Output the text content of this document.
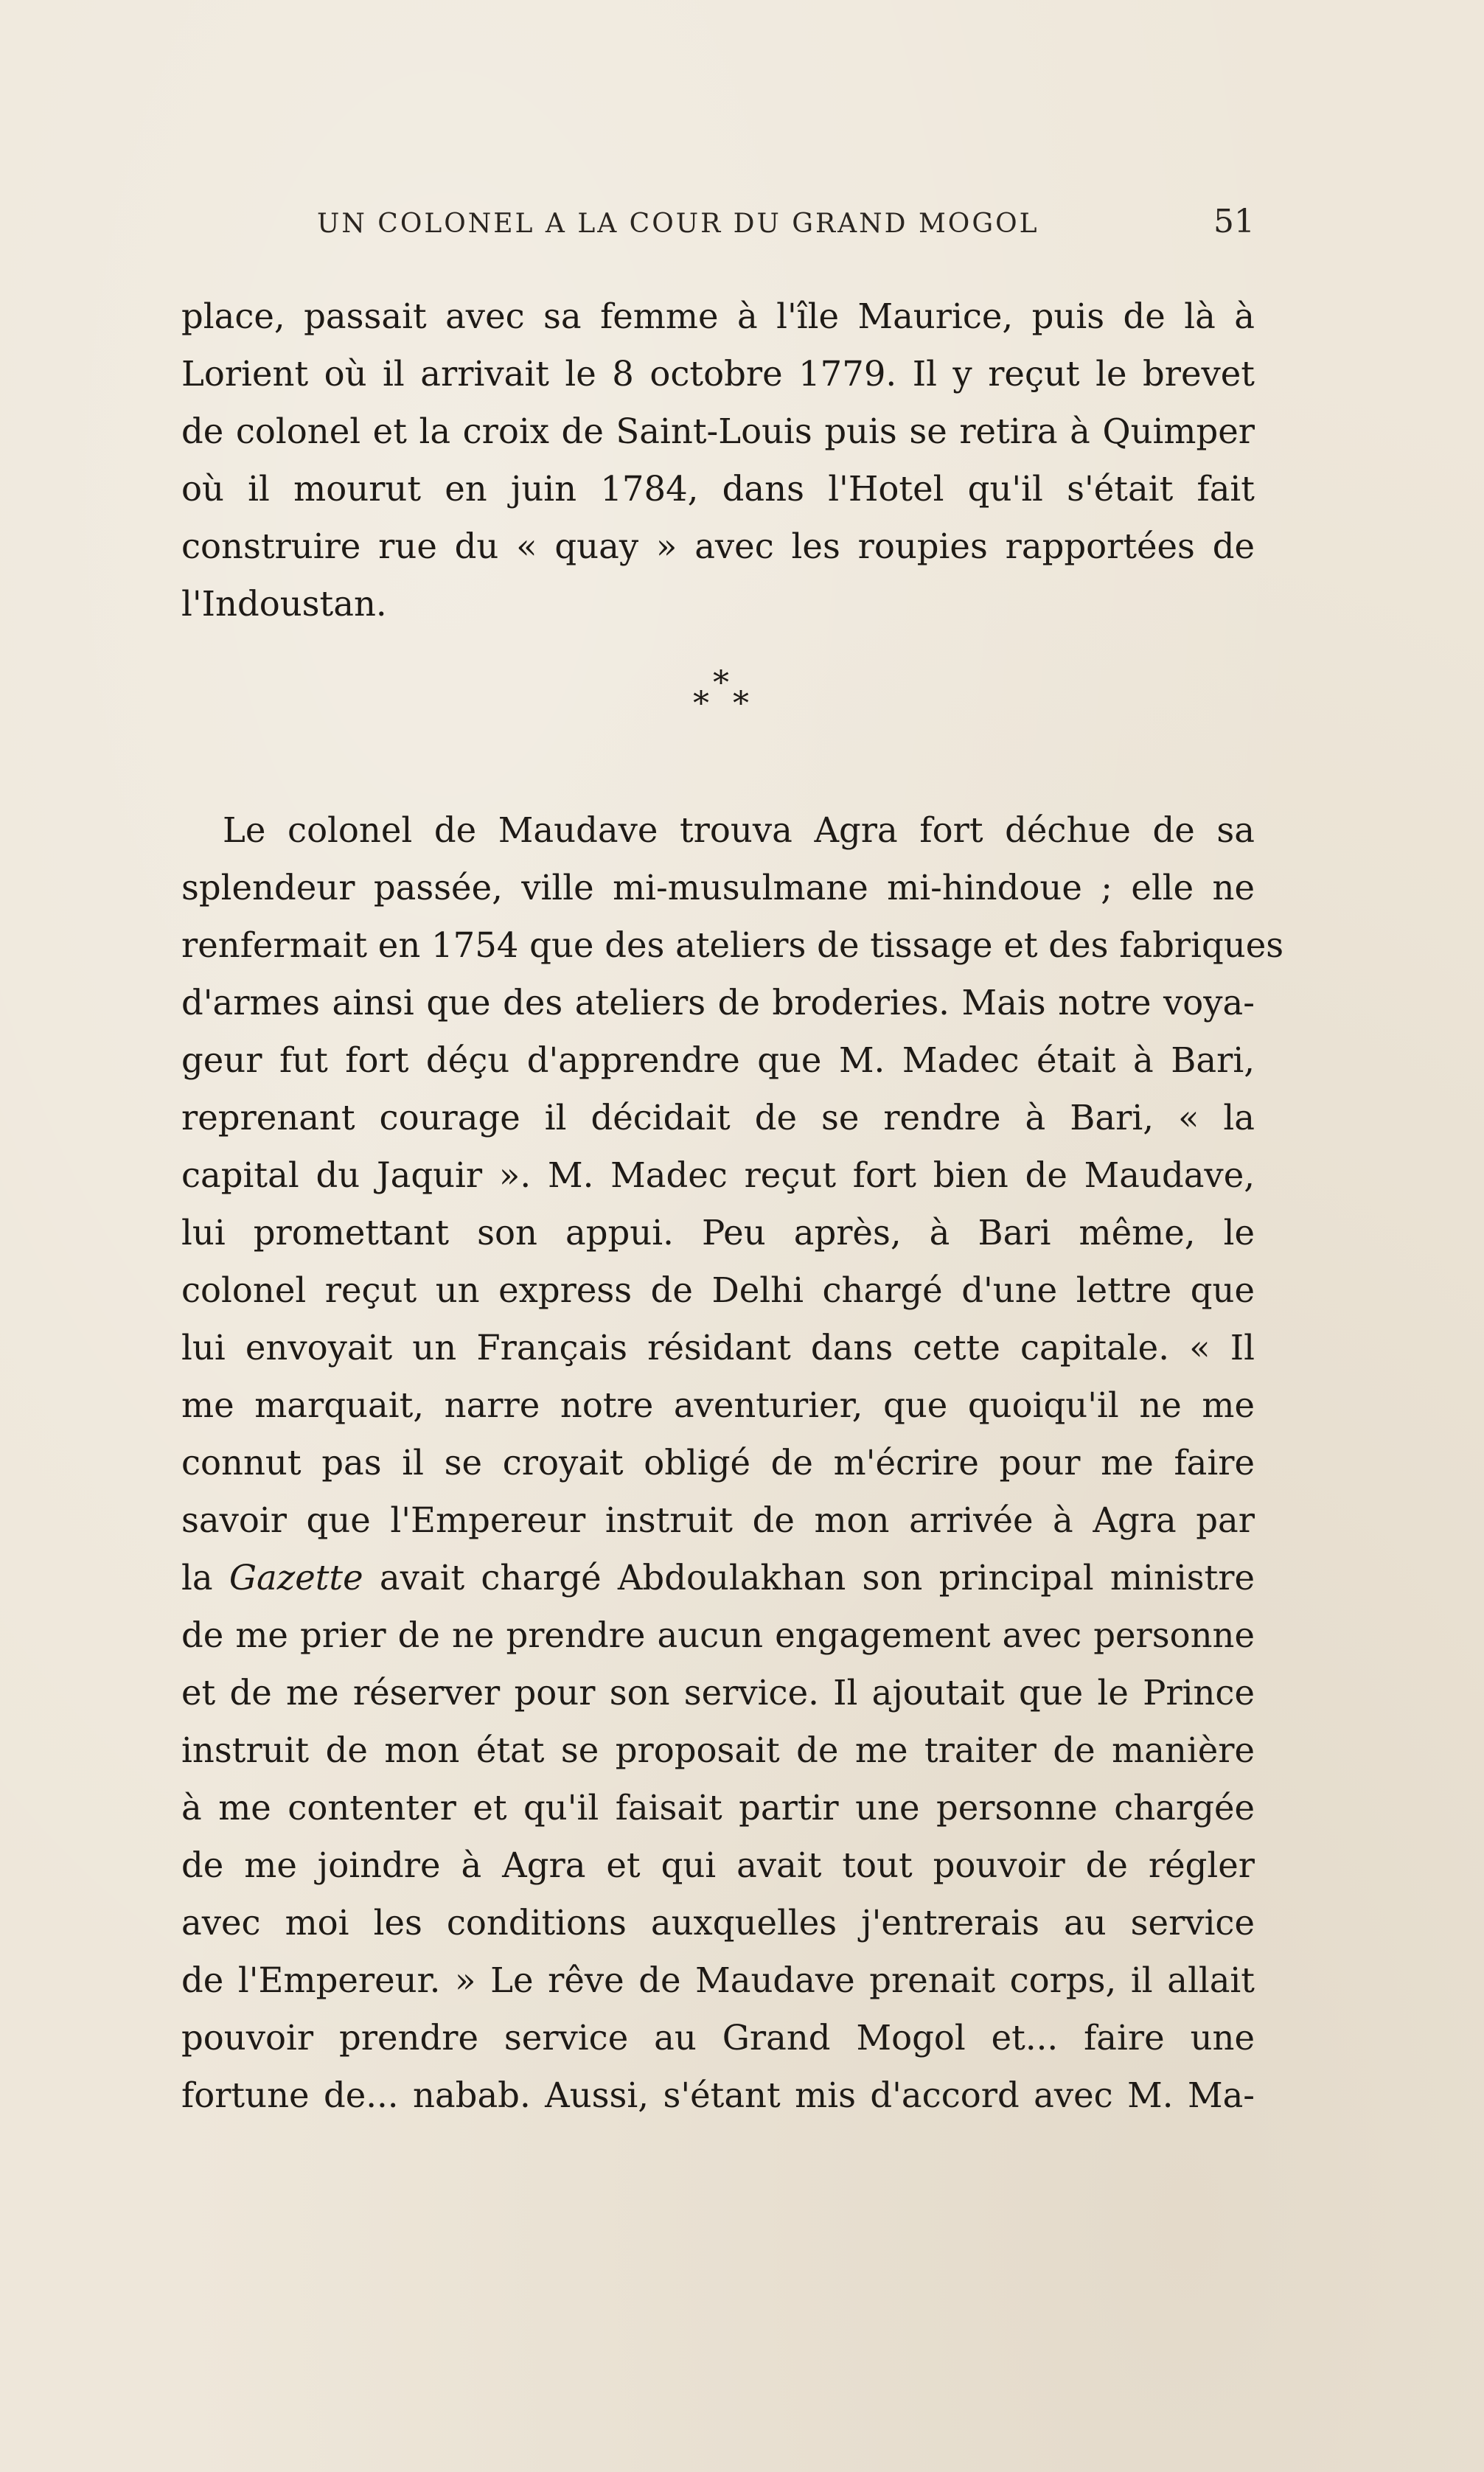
UN COLONEL A LA COUR DU GRAND MOGOL	51
place, passait avec sa femme à l'île Maurice, puis de là à
Lorient où il arrivait le 8 octobre 1779. Il y reçut le brevet
de colonel et la croix de Saint-Louis puis se retira à Quimper
où il mourut en juin 1784, dans l'Hotel qu'il s'était fait
construire rue du « quay » avec les roupies rapportées de
l'Indoustan.
*
* *
Le colonel de Maudave trouva Agra fort déchue de sa
splendeur passée, ville mi-musulmane mi-hindoue ; elle ne
renfermait en 1754 que des ateliers de tissage et des fabriques
d'armes ainsi que des ateliers de broderies. Mais notre voya-
geur fut fort déçu d'apprendre que M. Madec était à Bari,
reprenant courage il décidait de se rendre à Bari, « la
capital du Jaquir ». M. Madec reçut fort bien de Maudave,
lui promettant son appui. Peu après, à Bari même, le
colonel reçut un express de Delhi chargé d'une lettre que
lui envoyait un Français résidant dans cette capitale. « Il
me marquait, narre notre aventurier, que quoiqu'il ne me
connut pas il se croyait obligé de m'écrire pour me faire
savoir que l'Empereur instruit de mon arrivée à Agra par
la Gazette avait chargé Abdoulakhan son principal ministre
de me prier de ne prendre aucun engagement avec personne
et de me réserver pour son service. Il ajoutait que le Prince
instruit de mon état se proposait de me traiter de manière
à me contenter et qu'il faisait partir une personne chargée
de me joindre à Agra et qui avait tout pouvoir de régler
avec moi les conditions auxquelles j'entrerais au service
de l'Empereur. » Le rêve de Maudave prenait corps, il allait
pouvoir prendre service au Grand Mogol et... faire une
fortune de... nabab. Aussi, s'étant mis d'accord avec M. Ma-
